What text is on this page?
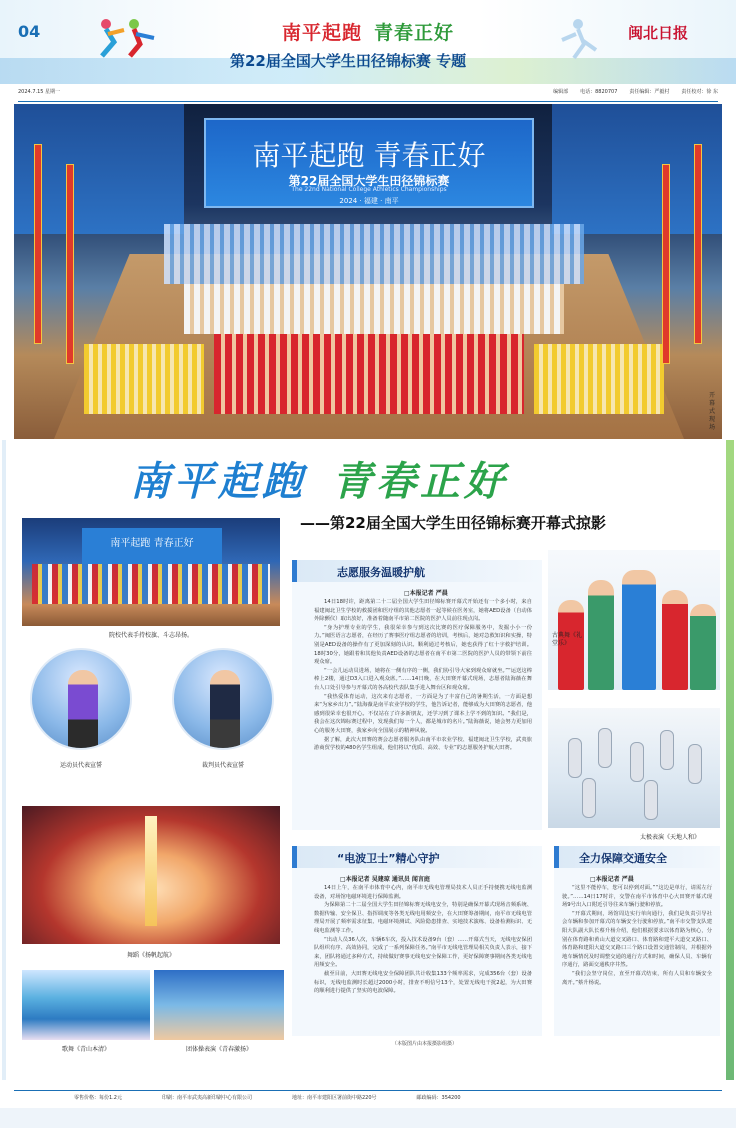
04	南平起跑 青春正好
第22届全国大学生田径锦标赛 专题
闽北日报
2024.7.15 星期一	编辑部 电话：8820707 责任编辑：严毅村 责任校对：徐 东
南平起跑 青春正好
第22届全国大学生田径锦标赛
The 22nd National College Athletics Championships
2024 · 福建 · 南平
开幕式现场
南平起跑 青春正好
——第22届全国大学生田径锦标赛开幕式掠影
南平起跑 青春正好
院校代表手持校旗、斗志昂扬。
运动员代表宣誓	裁判员代表宣誓
舞蹈《扬帆起航》
歌舞《青山本清》	团体操表演《青春激扬》
古典舞《礼堂乐》
太极表演《天地人和》
志愿服务温暖护航
□本报记者 严晨

14日18时许，距离第二十二届全国大学生田径锦标赛开幕式开始还有一个多小时，来自福建闽北卫生学校的救援团和医疗组的其他志愿者一起等候在医务室，她将AED设备（自动体外除颤仪）取出放好，准备着随南平市第二医院的医护人员前往现点岗。

“身为护理专业的学生，我很荣幸参与到这次比赛的医疗保障服务中，发掘小小一份力。”闽医语言志愿者，在经历了赛事医疗组志愿者的培训，考核后，她对急救知识和实操，特别是AED设备的操作有了更加深刻的认识。顺利通过考核后，她也获得了红十字救护培训。18时30分，她跟着和其他负责AED设备的志愿者在南平市第二医院的医护人员的带领下前往观众席。

“一会儿运动员进场，她将在一侧有序的一侧，我们协引导大家到观众席就坐。”“运送这棒棒上2楼，通过D3入口进入观众席。”……14日晚，在大田赛开幕式现场，志愿者陆海薇在舞台人口处引导参与开幕式的各高校代表队集手进入舞台区和观众席。

“我热爱体育运动，这次来有志愿者，一方面是为了丰富自己的暑期生活，一方面是想来“为家乡出力”。”陆海薇是南平农业学校的学生，他告诉记者，能够成为大田赛的志愿者，他感到很荣幸也很开心。不仅站在了许多新朋友，还学习到了课本上学不到的知识。“我们是，我会在这次锦标赛过程中，发现我们每一个人，都是城市的名片。”陆海薇说，她会努力更加用心的服务大田赛，我家乡向全国展示的精神风貌。

据了解，此次大田赛的赛会志愿者服务队由南平市农业学校、福建闽北卫生学校，武夷旅游商贸学校的480名学生组成，他们将以“优质、高效、专业”的志愿服务护航大田赛。

“电波卫士”精心守护
□本报记者 吴建琼 通讯员 闻言庭

14日上午，在南平市体育中心内，南平市无线电管理局技术人员正手持便携无线电监测设备，对场馆电磁环境进行保障监测。

为保障第二十二届全国大学生田径锦标赛无线电安全，特别是确保开幕式现场音频系统、数据传输、安全保卫、指挥调度等各类无线电用频安全，在大田赛筹备期间，南平市无线电管理局开展了频率需求征集、电磁环境测试、风险隐患排查、实地技术演练、设备检测标识、无线电监测等工作。

“出动人员36人次，车辆6车次，投入技术设备9台（套）……开幕式当天，无线电安保团队组织有序、高效协同，完成了一系列保障任务。”南平市无线电管理局相关负责人表示，接下来，团队将通过多种方式，持续做好赛事无线电安全保障工作，更好保障赛事期间各类无线电用频安全。

截至目前，大田赛无线电安全保障团队共计收集133个频率需求，完成356台（套）设备标识，无线电监测时长超过2000小时，排查不明信号13个，处置无线电干扰2起，为大田赛的顺利进行提供了坚实的电波保障。

（本版图片由本报摄影组摄）
全力保障交通安全
□本报记者 严晨

“这里不能停车，您可以停到对面。”“这边是单行，请需左行驶。”……14日17时许，交警在南平市体育中心大田赛开幕式现场9号出入口附近引导往来车辆行驶和停放。

“开幕式期间，场馆周边实行单向通行，我们是负责引导社会车辆和参加开幕式的车辆安全行驶和停放。”南平市交警支队建阳大队副大队长蔡升杨介绍，他们根据要求以体育路为核心，分别在体育路和黄山大道交叉路口、体育路和建平大道交叉路口、体育路和建阳大道交叉路口三个路口设置交通管制岗，并根据外地车辆情况及时调整交通的通行方式和时间，确保人员、车辆有序通行，路面交通秩序井然。

“我们会坚守岗位，直至开幕式结束，所有人员和车辆安全离开。”蔡升杨说。

零售价格：每份1.2元	印刷：南平市武夷高新印刷中心有限公司	地址：南平市建阳区署前街中路220号	邮政编码：354200
